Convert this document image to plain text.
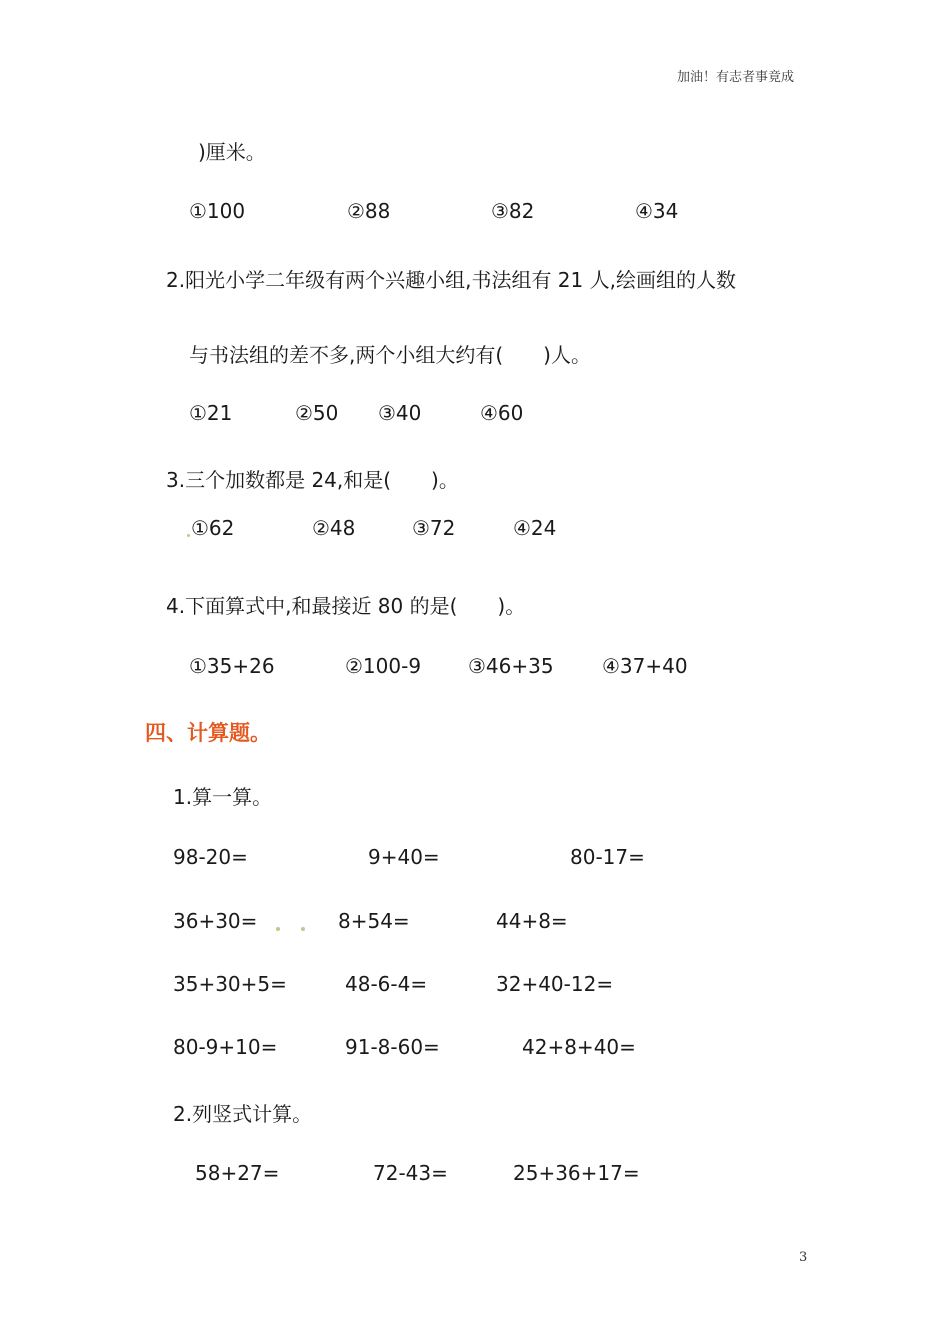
加油！有志者事竟成
)厘米。
①100	②88	③82	④34
2.阳光小学二年级有两个兴趣小组,书法组有 21 人,绘画组的人数
与书法组的差不多,两个小组大约有(　　)人。
①21	②50 ③40	④60
3.三个加数都是 24,和是(　　)。
①62	②48	③72	④24
4.下面算式中,和最接近 80 的是(　　)。
①35+26	②100-9 ③46+35 ④37+40
四、计算题。
1.算一算。
98-20=	9+40=	80-17=
36+30=	8+54=	44+8=
35+30+5=	48-6-4=	32+40-12=
80-9+10=	91-8-60=	42+8+40=
2.列竖式计算。
58+27=	72-43=	25+36+17=
3
